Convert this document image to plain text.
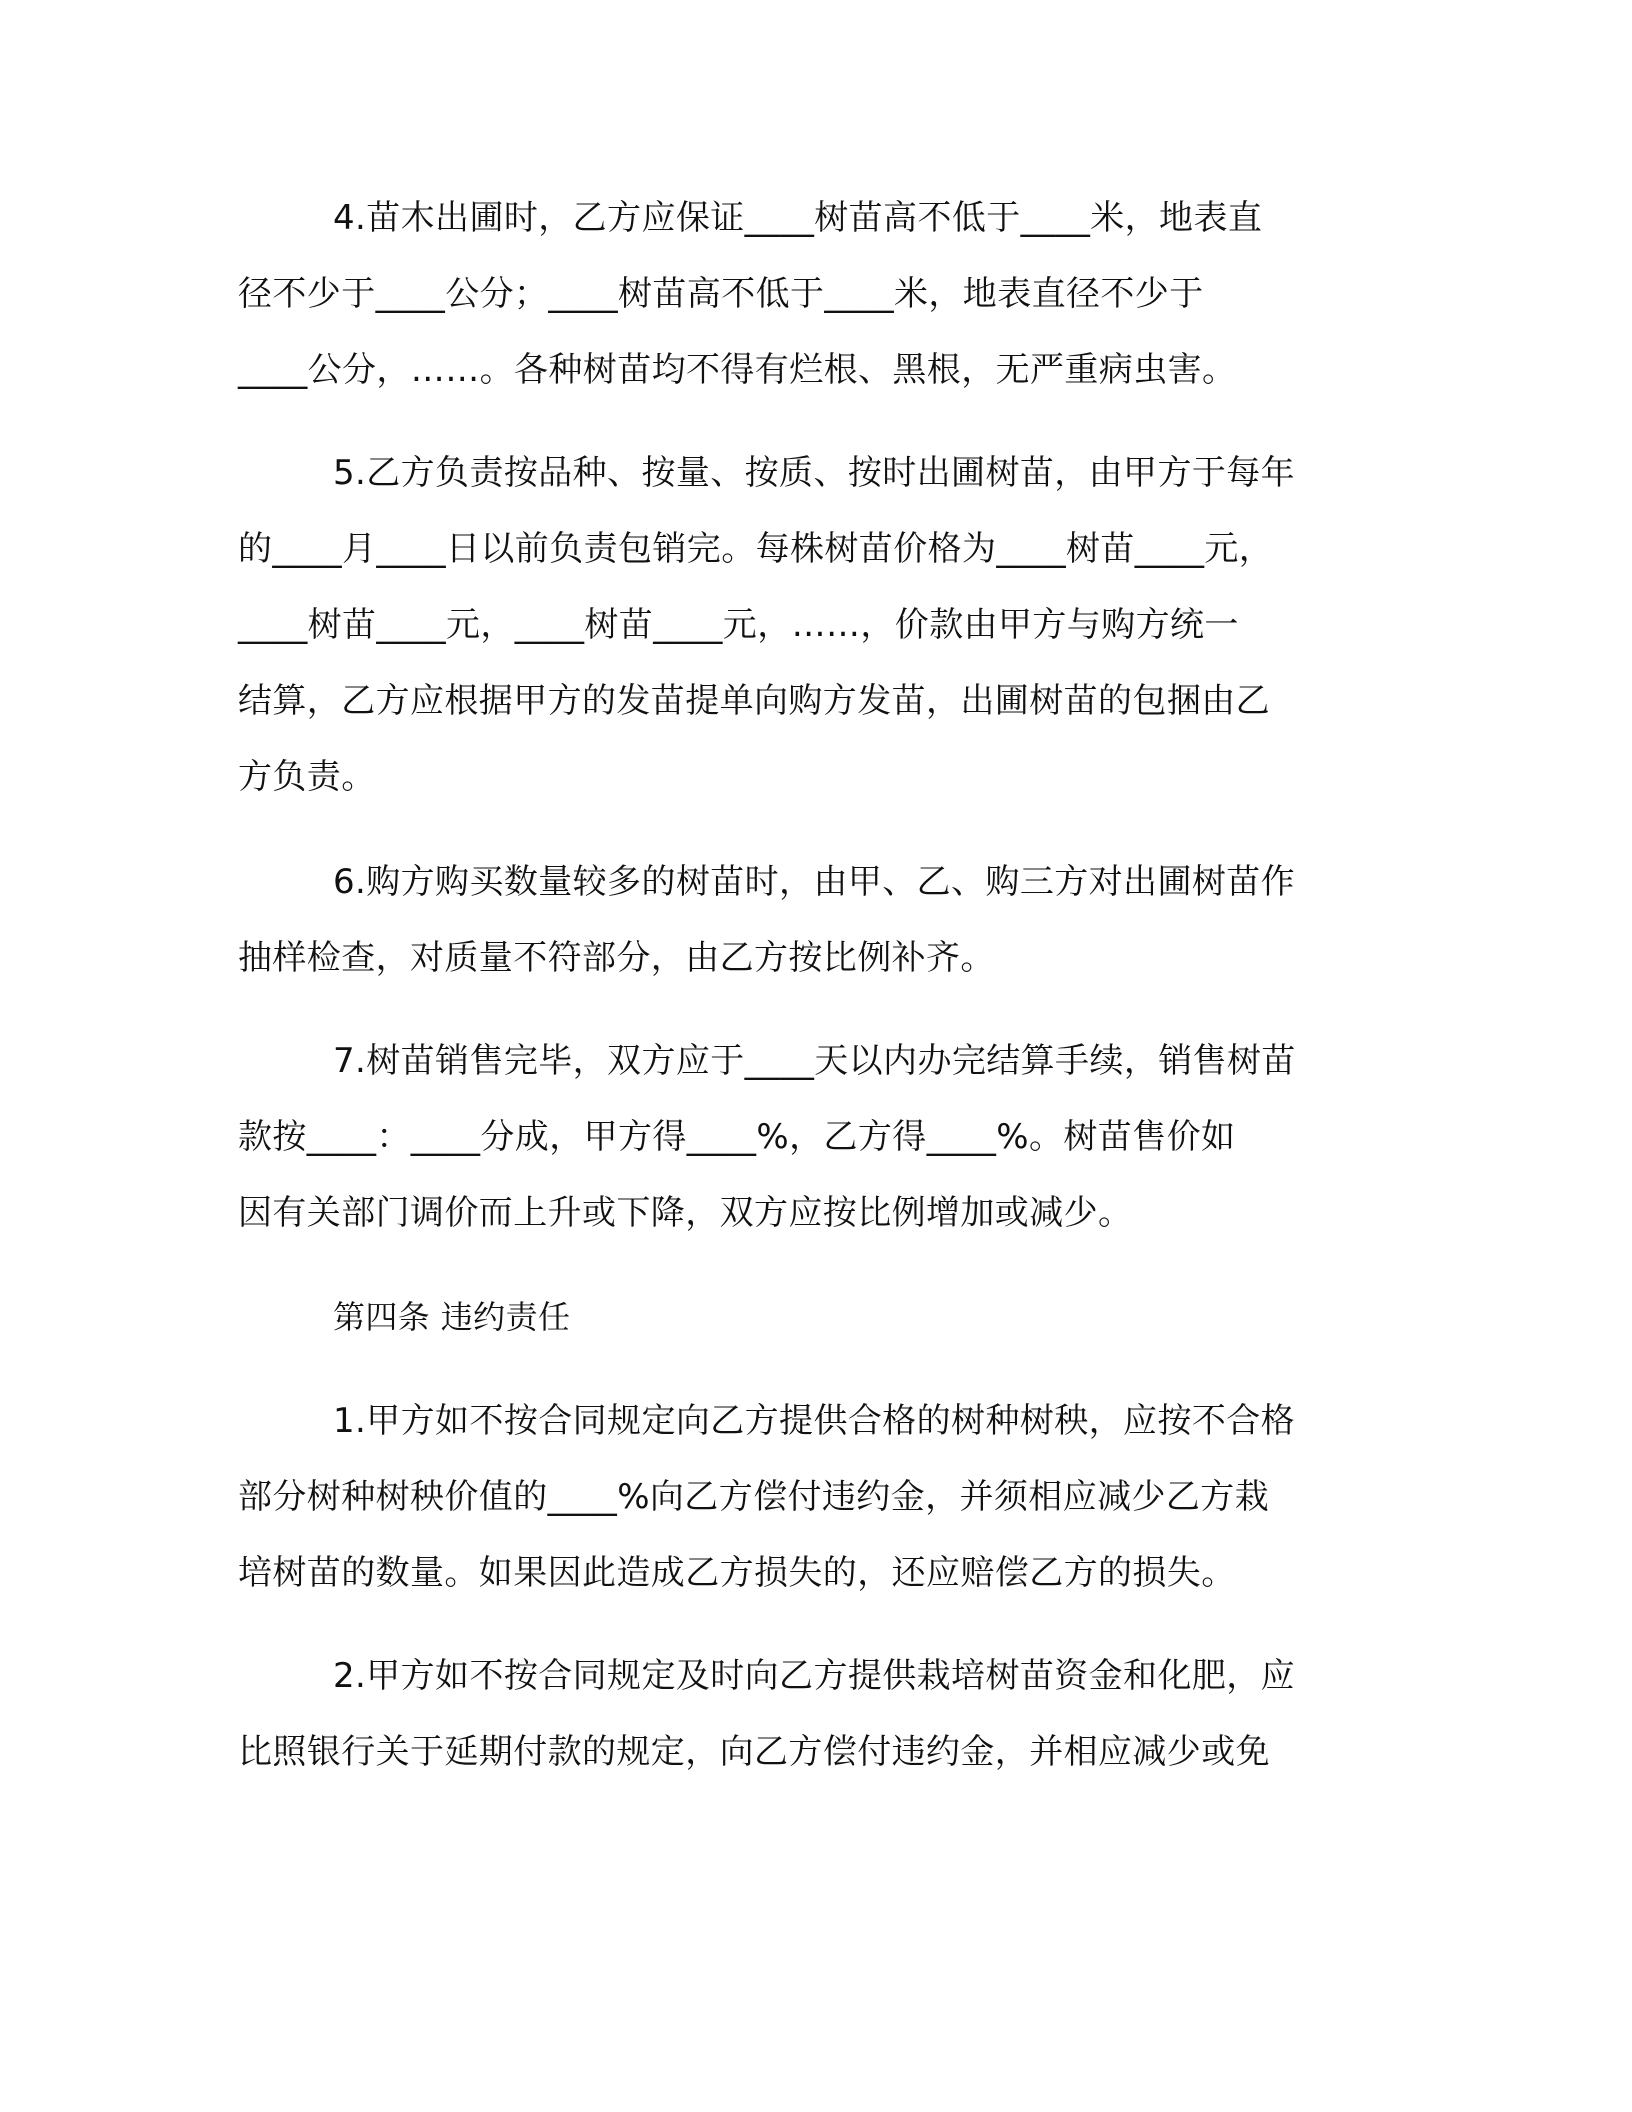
4.苗木出圃时，乙方应保证____树苗高不低于____米，地表直
径不少于____公分；____树苗高不低于____米，地表直径不少于
____公分，……。各种树苗均不得有烂根、黑根，无严重病虫害。
5.乙方负责按品种、按量、按质、按时出圃树苗，由甲方于每年
的____月____日以前负责包销完。每株树苗价格为____树苗____元，
____树苗____元，____树苗____元，……，价款由甲方与购方统一
结算，乙方应根据甲方的发苗提单向购方发苗，出圃树苗的包捆由乙
方负责。
6.购方购买数量较多的树苗时，由甲、乙、购三方对出圃树苗作
抽样检查，对质量不符部分，由乙方按比例补齐。
7.树苗销售完毕，双方应于____天以内办完结算手续，销售树苗
款按____：____分成，甲方得____%，乙方得____%。树苗售价如
因有关部门调价而上升或下降，双方应按比例增加或减少。
第四条 违约责任
1.甲方如不按合同规定向乙方提供合格的树种树秧，应按不合格
部分树种树秧价值的____%向乙方偿付违约金，并须相应减少乙方栽
培树苗的数量。如果因此造成乙方损失的，还应赔偿乙方的损失。
2.甲方如不按合同规定及时向乙方提供栽培树苗资金和化肥，应
比照银行关于延期付款的规定，向乙方偿付违约金，并相应减少或免
